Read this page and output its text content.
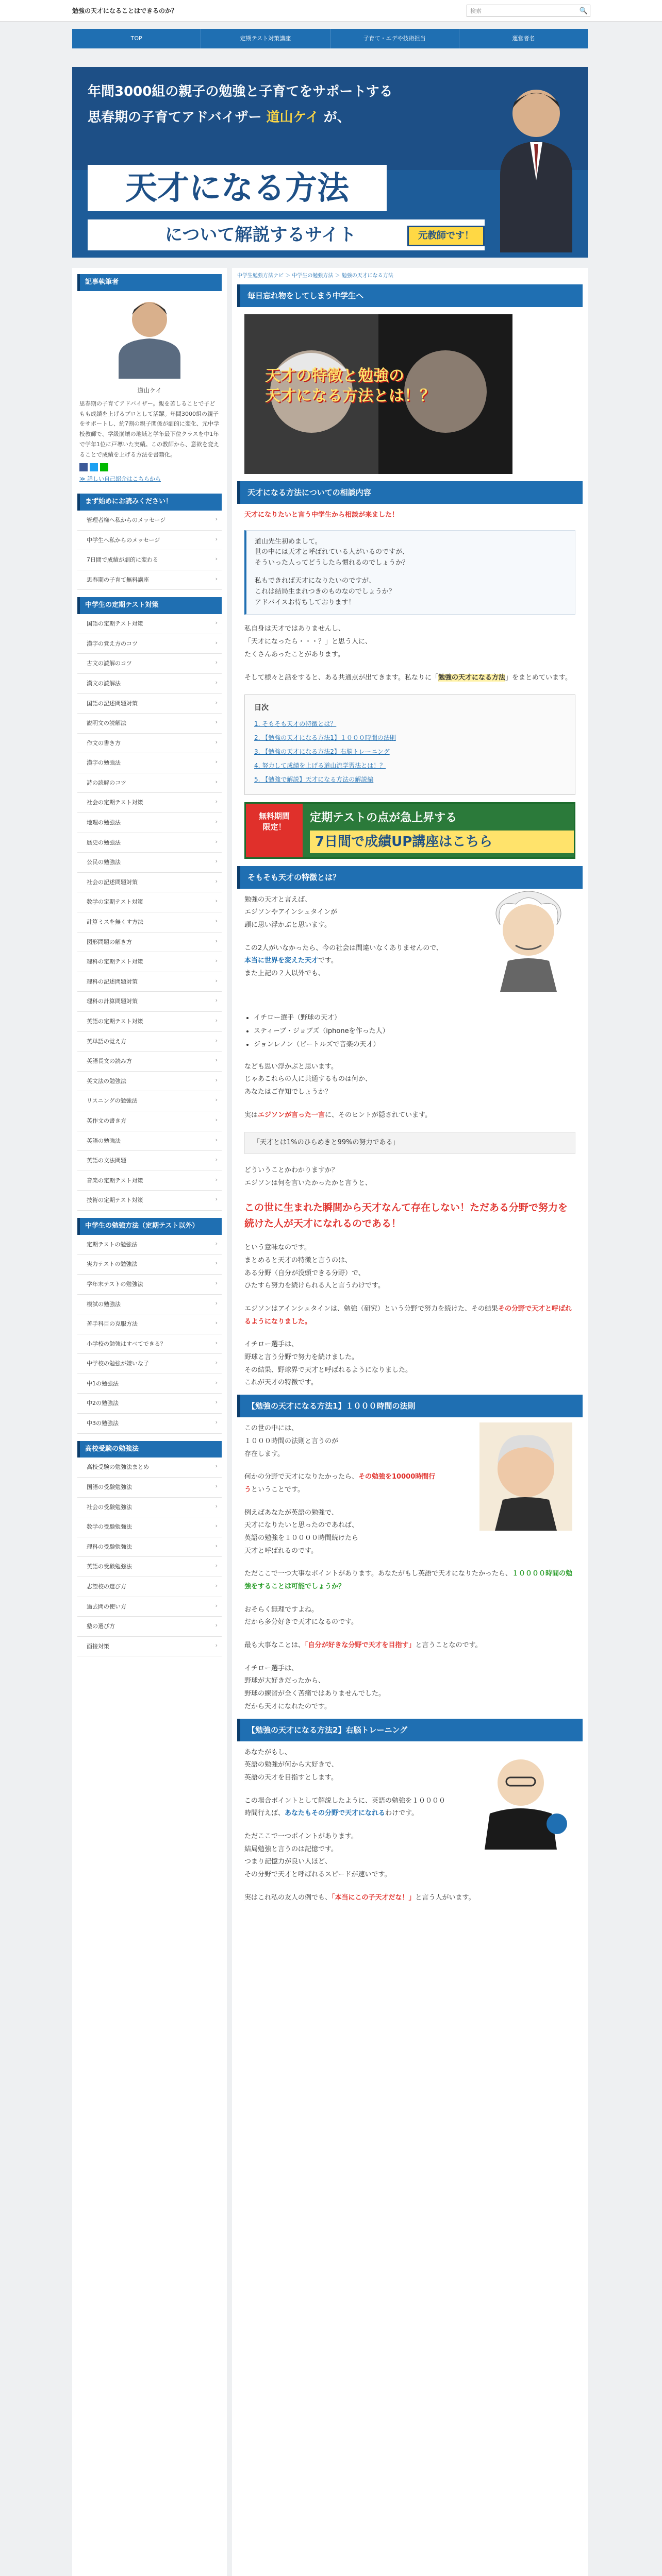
勉強の天才になることはできるのか？	検索	🔍
TOP	定期テスト対策講座	子育て・エデや技術担当	運営者名
年間3000組の親子の勉強と子育てをサポートする
思春期の子育てアドバイザー 道山ケイ が、
天才になる方法
について解説するサイト	元教師です！
記事執筆者
道山ケイ
思春期の子育てアドバイザー。親を苦しることで子どもも成績を上げるプロとして活躍。年間3000組の親子をサポートし、約7割の親子関係が劇的に変化、元中学校教師で、学級崩壊の地域と学年最下位クラスを中1年で学年1位に戸導いた実績。この教師から、意欲を変えることで成績を上げる方法を書籍化。
≫ 詳しい自己紹介はこちらから
まず始めにお読みください！
管理者様へ私からのメッセージ ›
中学生へ私からのメッセージ ›
7日間で成績が劇的に変わる ›
思春期の子育て無料講座 ›
中学生の定期テスト対策
国語の定期テスト対策 ›
漢字の覚え方のコツ ›
古文の読解のコツ ›
漢文の読解法 ›
国語の記述問題対策 ›
説明文の読解法 ›
作文の書き方 ›
漢字の勉強法 ›
詩の読解のコツ ›
社会の定期テスト対策 ›
地理の勉強法 ›
歴史の勉強法 ›
公民の勉強法 ›
社会の記述問題対策 ›
数学の定期テスト対策 ›
計算ミスを無くす方法 ›
図形問題の解き方 ›
理科の定期テスト対策 ›
理科の記述問題対策 ›
理科の計算問題対策 ›
英語の定期テスト対策 ›
英単語の覚え方 ›
英語長文の読み方 ›
英文法の勉強法 ›
リスニングの勉強法 ›
英作文の書き方 ›
英語の勉強法 ›
英語の文法問題 ›
音楽の定期テスト対策 ›
技術の定期テスト対策 ›
中学生の勉強方法（定期テスト以外）
定期テストの勉強法 ›
実力テストの勉強法 ›
学年末テストの勉強法 ›
模試の勉強法 ›
苦手科目の克服方法 ›
小学校の勉強はすべてできる？ ›
中学校の勉強が嫌いな子 ›
中1の勉強法 ›
中2の勉強法 ›
中3の勉強法 ›
高校受験の勉強法
高校受験の勉強法まとめ ›
国語の受験勉強法 ›
社会の受験勉強法 ›
数学の受験勉強法 ›
理科の受験勉強法 ›
英語の受験勉強法 ›
志望校の選び方 ›
過去問の使い方 ›
塾の選び方 ›
面接対策 ›
中学生勉強方法ナビ ＞ 中学生の勉強方法 ＞ 勉強の天才になる方法
毎日忘れ物をしてしまう中学生へ
天才の特徴と勉強の
天才になる方法とは！？
天才になる方法についての相談内容
天才になりたいと言う中学生から相談が来ました！
道山先生初めまして。
世の中には天才と呼ばれている人がいるのですが、
そういった人ってどうしたら慣れるのでしょうか？
私もできれば天才になりたいのですが、
これは結局生まれつきのものなのでしょうか？
アドバイスお待ちしております！
私自身は天才ではありませんし、
「天才になったら・・・？」と思う人に、
たくさんあったことがあります。
そして様々と話をすると、ある共通点が出てきます。私なりに「勉強の天才になる方法」をまとめています。
目次
1. そもそも天才の特徴とは？
2. 【勉強の天才になる方法1】１０００時間の法則
3. 【勉強の天才になる方法2】右脳トレーニング
4. 努力して成績を上げる道山流学習法とは！？
5. 【勉強で解説】天才になる方法の解説編
無料期間
限定！
定期テストの点が急上昇する
7日間で成績UP講座はこちら
そもそも天才の特徴とは？
勉強の天才と言えば、
エジソンやアインシュタインが
頭に思い浮かぶと思います。
この2人がいなかったら、今の社会は間違いなくありませんので、本当に世界を変えた天才です。
また上記の２人以外でも、
• イチロー選手（野球の天才）
• スティーブ・ジョブズ（iphoneを作った人）
• ジョンレノン（ビートルズで音楽の天才）
なども思い浮かぶと思います。
じゃあこれらの人に共通するものは何か、
あなたはご存知でしょうか？
実はエジソンが言った一言に、そのヒントが隠されています。
「天才とは1%のひらめきと99%の努力である」
どういうことかわかりますか？
エジソンは何を言いたかったかと言うと、
この世に生まれた瞬間から天才なんて存在しない！ただある分野で努力を続けた人が天才になれるのである！
という意味なのです。
まとめると天才の特徴と言うのは、
ある分野（自分が没頭できる分野）で、
ひたすら努力を続けられる人と言うわけです。
エジソンはアインシュタインは、勉強（研究）という分野で努力を続けた、その結果その分野で天才と呼ばれるようになりました。
イチロー選手は、
野球と言う分野で努力を続けました。
その結果、野球界で天才と呼ばれるようになりました。
これが天才の特徴です。
【勉強の天才になる方法1】１０００時間の法則
この世の中には、
１０００時間の法則と言うのが
存在します。
何かの分野で天才になりたかったら、その勉強を10000時間行うということです。
例えばあなたが英語の勉強で、
天才になりたいと思ったのであれば、
英語の勉強を１００００時間続けたら
天才と呼ばれるのです。
ただここで一つ大事なポイントがあります。あなたがもし英語で天才になりたかったら、１００００時間の勉強をすることは可能でしょうか？
おそらく無理ですよね。
だから多分好きで天才になるのです。
最も大事なことは、「自分が好きな分野で天才を目指す」と言うことなのです。
イチロー選手は、
野球が大好きだったから、
野球の練習が全く苦痛ではありませんでした。
だから天才になれたのです。
【勉強の天才になる方法2】右脳トレーニング
あなたがもし、
英語の勉強が何から大好きで、
英語の天才を目指すとします。
この場合ポイントとして解説したように、英語の勉強を１００００時間行えば、あなたもその分野で天才になれるわけです。
ただここで一つポイントがあります。
結局勉強と言うのは記憶です。
つまり記憶力が良い人ほど、
その分野で天才と呼ばれるスピードが速いです。
実はこれ私の友人の例でも、「本当にこの子天才だな！」と言う人がいます。
